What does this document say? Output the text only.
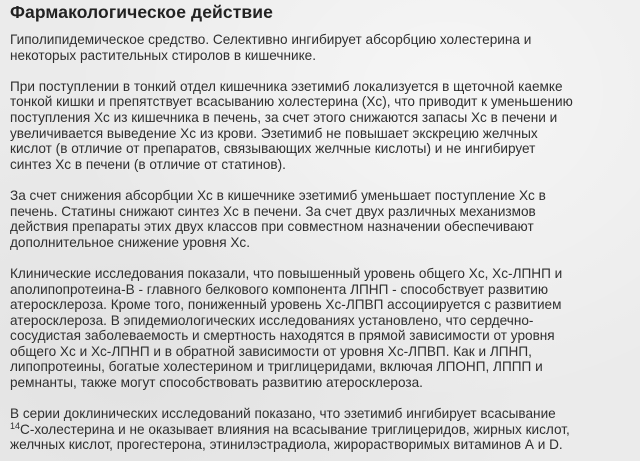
Фармакологическое действие

Гиполипидемическое средство. Селективно ингибирует абсорбцию холестерина и
некоторых растительных стиролов в кишечнике.

При поступлении в тонкий отдел кишечника эзетимиб локализуется в щеточной каемке
тонкой кишки и препятствует всасыванию холестерина (Хс), что приводит к уменьшению
поступления Хс из кишечника в печень, за счет этого снижаются запасы Хс в печени и
увеличивается выведение Хс из крови. Эзетимиб не повышает экскрецию желчных
кислот (в отличие от препаратов, связывающих желчные кислоты) и не ингибирует
синтез Хс в печени (в отличие от статинов).

За счет снижения абсорбции Хс в кишечнике эзетимиб уменьшает поступление Хс в
печень. Статины снижают синтез Хс в печени. За счет двух различных механизмов
действия препараты этих двух классов при совместном назначении обеспечивают
дополнительное снижение уровня Хс.

Клинические исследования показали, что повышенный уровень общего Хс, Хс-ЛПНП и
аполипопротеина-В - главного белкового компонента ЛПНП - способствует развитию
атеросклероза. Кроме того, пониженный уровень Хс-ЛПВП ассоциируется с развитием
атеросклероза. В эпидемиологических исследованиях установлено, что сердечно-
сосудистая заболеваемость и смертность находятся в прямой зависимости от уровня
общего Хс и Хс-ЛПНП и в обратной зависимости от уровня Хс-ЛПВП. Как и ЛПНП,
липопротеины, богатые холестерином и триглицеридами, включая ЛПОНП, ЛППП и
ремнанты, также могут способствовать развитию атеросклероза.

В серии доклинических исследований показано, что эзетимиб ингибирует всасывание
$^{14}$С-холестерина и не оказывает влияния на всасывание триглицеридов, жирных кислот,
желчных кислот, прогестерона, этинилэстрадиола, жирорастворимых витаминов А и D.
